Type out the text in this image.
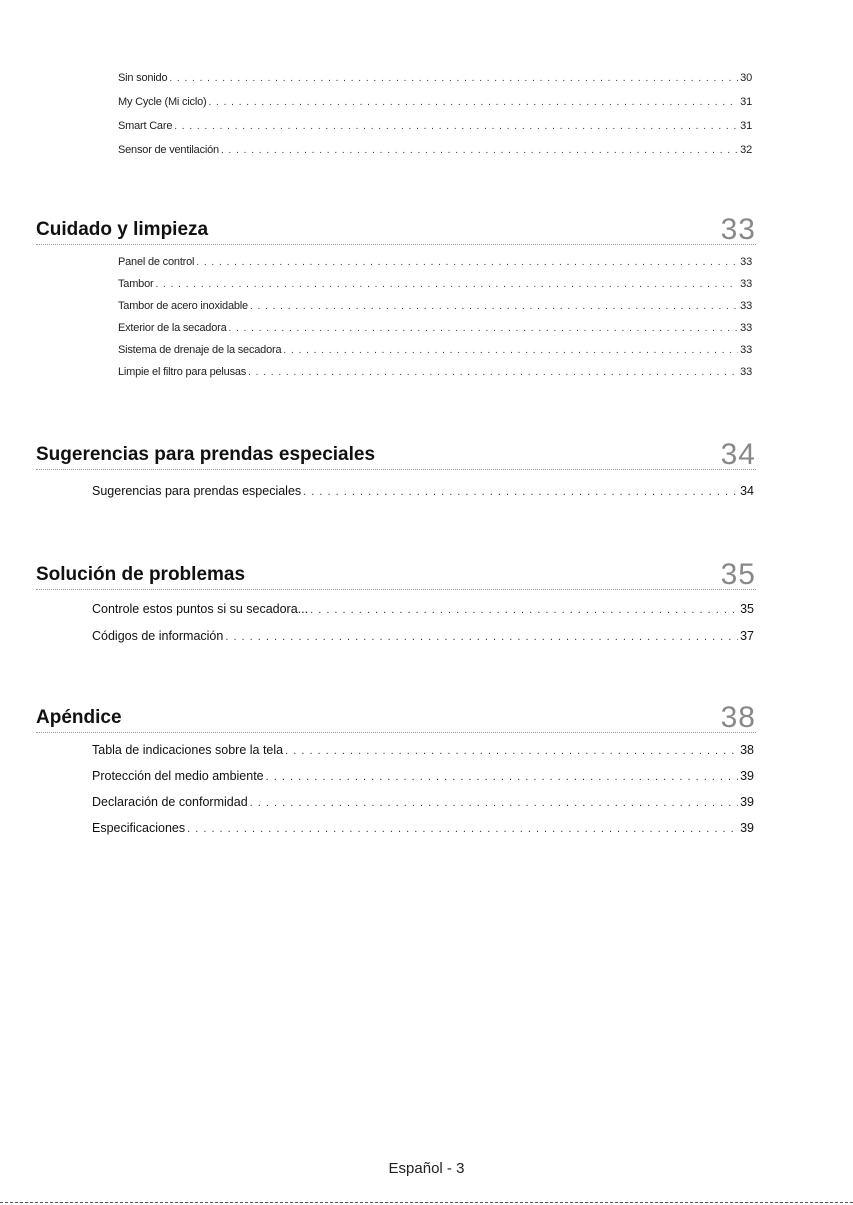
Sin sonido . . .	30
My Cycle (Mi ciclo) . . .	31
Smart Care . . .	31
Sensor de ventilación . . .	32
Cuidado y limpieza	33
Panel de control . . .	33
Tambor . . .	33
Tambor de acero inoxidable . . .	33
Exterior de la secadora . . .	33
Sistema de drenaje de la secadora . . .	33
Limpie el filtro para pelusas . . .	33
Sugerencias para prendas especiales	34
Sugerencias para prendas especiales . . .	34
Solución de problemas	35
Controle estos puntos si su secadora... . . .	35
Códigos de información . . .	37
Apéndice	38
Tabla de indicaciones sobre la tela . . .	38
Protección del medio ambiente . . .	39
Declaración de conformidad . . .	39
Especificaciones . . .	39
Español - 3
